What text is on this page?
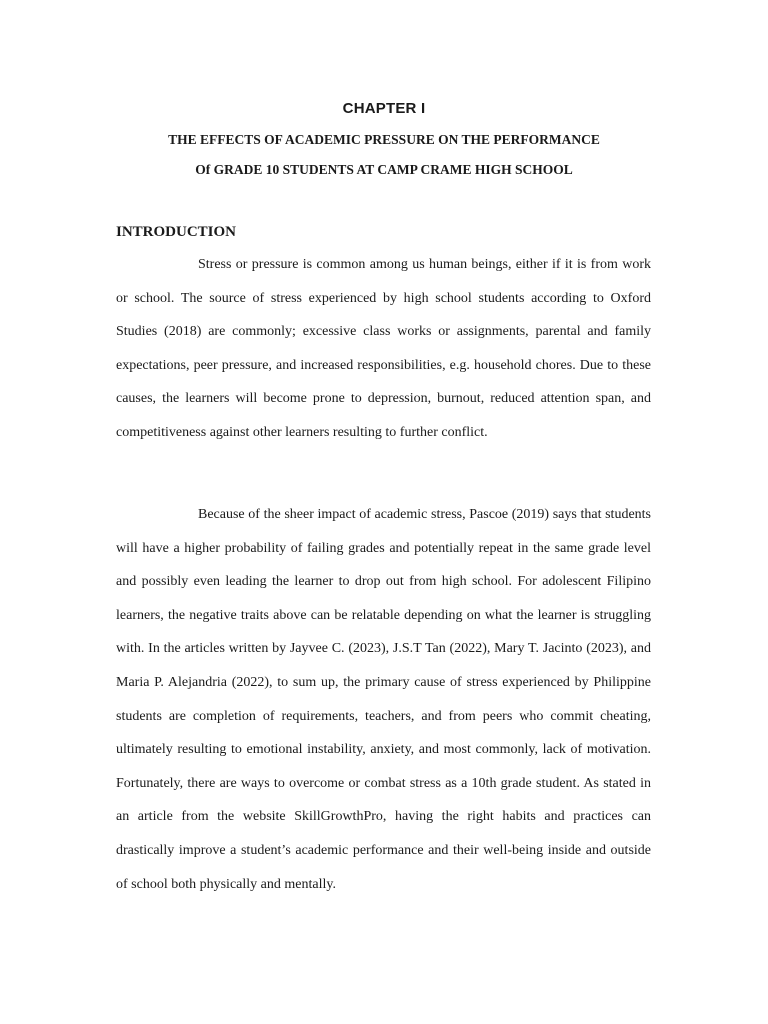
CHAPTER I
THE EFFECTS OF ACADEMIC PRESSURE ON THE PERFORMANCE
Of GRADE 10 STUDENTS AT CAMP CRAME HIGH SCHOOL
INTRODUCTION

Stress or pressure is common among us human beings, either if it is from work or school. The source of stress experienced by high school students according to Oxford Studies (2018) are commonly; excessive class works or assignments, parental and family expectations, peer pressure, and increased responsibilities, e.g. household chores. Due to these causes, the learners will become prone to depression, burnout, reduced attention span, and competitiveness against other learners resulting to further conflict.

Because of the sheer impact of academic stress, Pascoe (2019) says that students will have a higher probability of failing grades and potentially repeat in the same grade level and possibly even leading the learner to drop out from high school. For adolescent Filipino learners, the negative traits above can be relatable depending on what the learner is struggling with. In the articles written by Jayvee C. (2023), J.S.T Tan (2022), Mary T. Jacinto (2023), and Maria P. Alejandria (2022), to sum up, the primary cause of stress experienced by Philippine students are completion of requirements, teachers, and from peers who commit cheating, ultimately resulting to emotional instability, anxiety, and most commonly, lack of motivation. Fortunately, there are ways to overcome or combat stress as a 10th grade student. As stated in an article from the website SkillGrowthPro, having the right habits and practices can drastically improve a student’s academic performance and their well-being inside and outside of school both physically and mentally.
